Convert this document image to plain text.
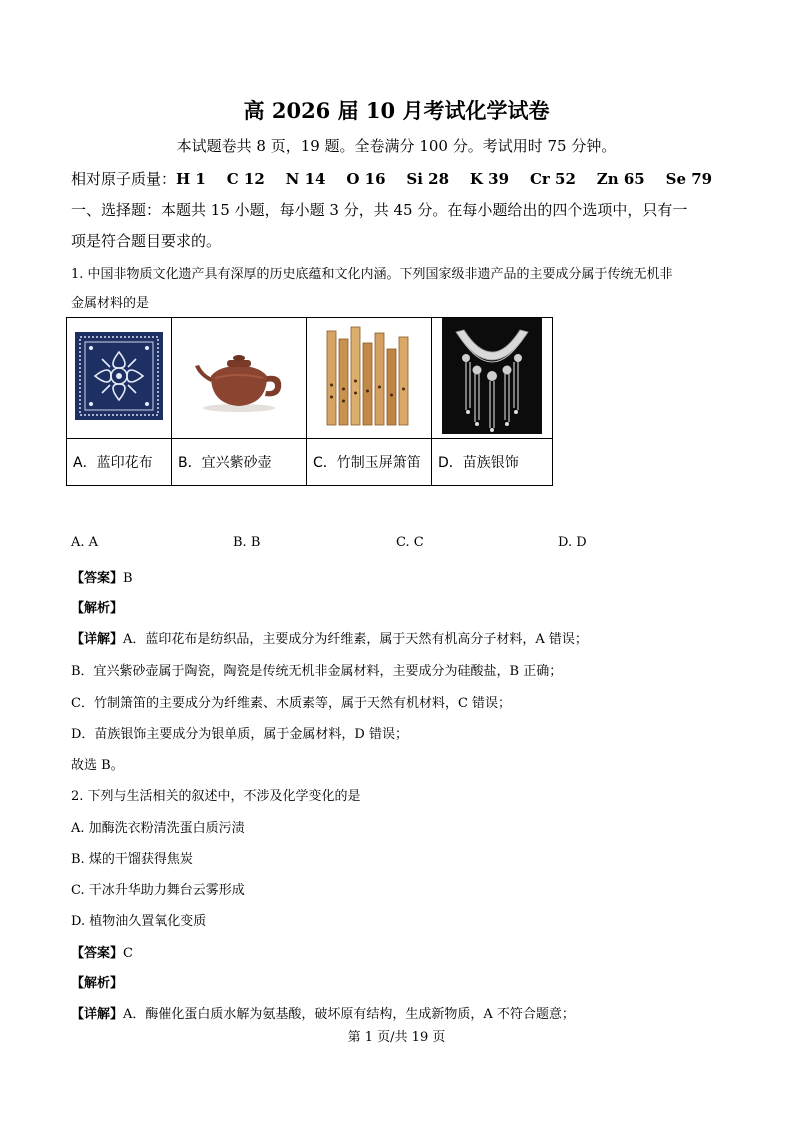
高 2026 届 10 月考试化学试卷
本试题卷共 8 页，19 题。全卷满分 100 分。考试用时 75 分钟。
相对原子质量：H 1    C 12    N 14    O 16    Si 28    K 39    Cr 52    Zn 65    Se 79
一、选择题：本题共 15 小题，每小题 3 分，共 45 分。在每小题给出的四个选项中，只有一
项是符合题目要求的。
1. 中国非物质文化遗产具有深厚的历史底蕴和文化内涵。下列国家级非遗产品的主要成分属于传统无机非
金属材料的是

A．蓝印花布	B．宜兴紫砂壶	C．竹制玉屏箫笛	D．苗族银饰
A. A	B. B	C. C	D. D
【答案】B
【解析】
【详解】A．蓝印花布是纺织品，主要成分为纤维素，属于天然有机高分子材料，A 错误；
B．宜兴紫砂壶属于陶瓷，陶瓷是传统无机非金属材料，主要成分为硅酸盐，B 正确；
C．竹制箫笛的主要成分为纤维素、木质素等，属于天然有机材料，C 错误；
D．苗族银饰主要成分为银单质，属于金属材料，D 错误；
故选 B。
2. 下列与生活相关的叙述中，不涉及化学变化的是
A. 加酶洗衣粉清洗蛋白质污渍
B. 煤的干馏获得焦炭
C. 干冰升华助力舞台云雾形成
D. 植物油久置氧化变质
【答案】C
【解析】
【详解】A．酶催化蛋白质水解为氨基酸，破坏原有结构，生成新物质，A 不符合题意；
第 1 页/共 19 页
